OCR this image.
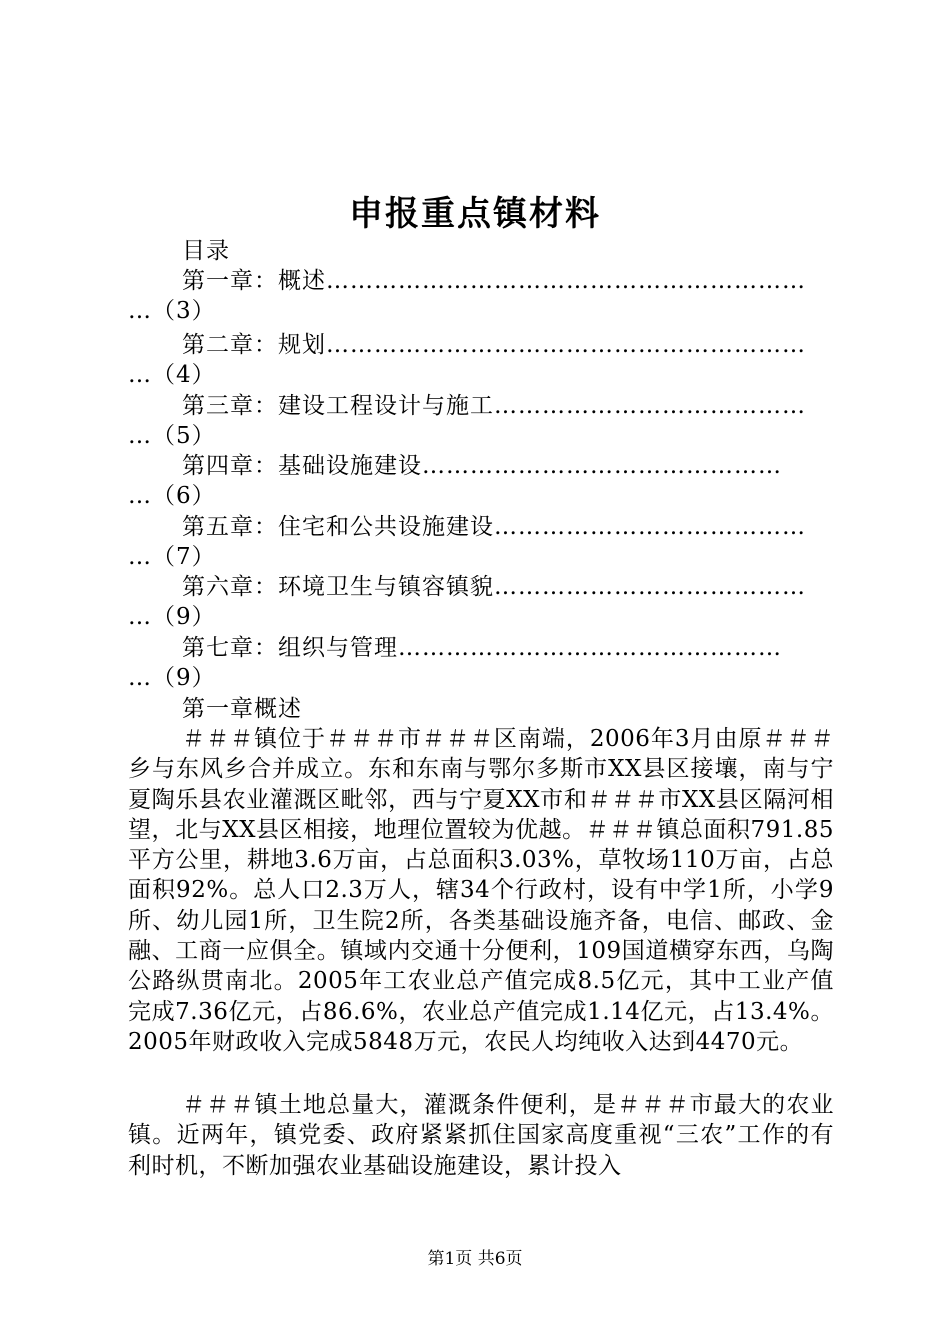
申报重点镇材料
目录
第一章：概述……………………………………………………
…（3）
第二章：规划……………………………………………………
…（4）
第三章：建设工程设计与施工…………………………………
…（5）
第四章：基础设施建设………………………………………
…（6）
第五章：住宅和公共设施建设…………………………………
…（7）
第六章：环境卫生与镇容镇貌…………………………………
…（9）
第七章：组织与管理…………………………………………
…（9）
第一章概述
＃＃＃镇位于＃＃＃市＃＃＃区南端，2006年3月由原＃＃＃乡与东风乡合并成立。东和东南与鄂尔多斯市XX县区接壤，南与宁夏陶乐县农业灌溉区毗邻，西与宁夏XX市和＃＃＃市XX县区隔河相望，北与XX县区相接，地理位置较为优越。＃＃＃镇总面积791.85平方公里，耕地3.6万亩，占总面积3.03%，草牧场110万亩，占总面积92%。总人口2.3万人，辖34个行政村，设有中学1所，小学9所、幼儿园1所，卫生院2所，各类基础设施齐备，电信、邮政、金融、工商一应俱全。镇域内交通十分便利，109国道横穿东西，乌陶公路纵贯南北。2005年工农业总产值完成8.5亿元，其中工业产值完成7.36亿元，占86.6%，农业总产值完成1.14亿元，占13.4%。2005年财政收入完成5848万元，农民人均纯收入达到4470元。
＃＃＃镇土地总量大，灌溉条件便利，是＃＃＃市最大的农业镇。近两年，镇党委、政府紧紧抓住国家高度重视“三农”工作的有利时机，不断加强农业基础设施建设，累计投入
第1页 共6页
